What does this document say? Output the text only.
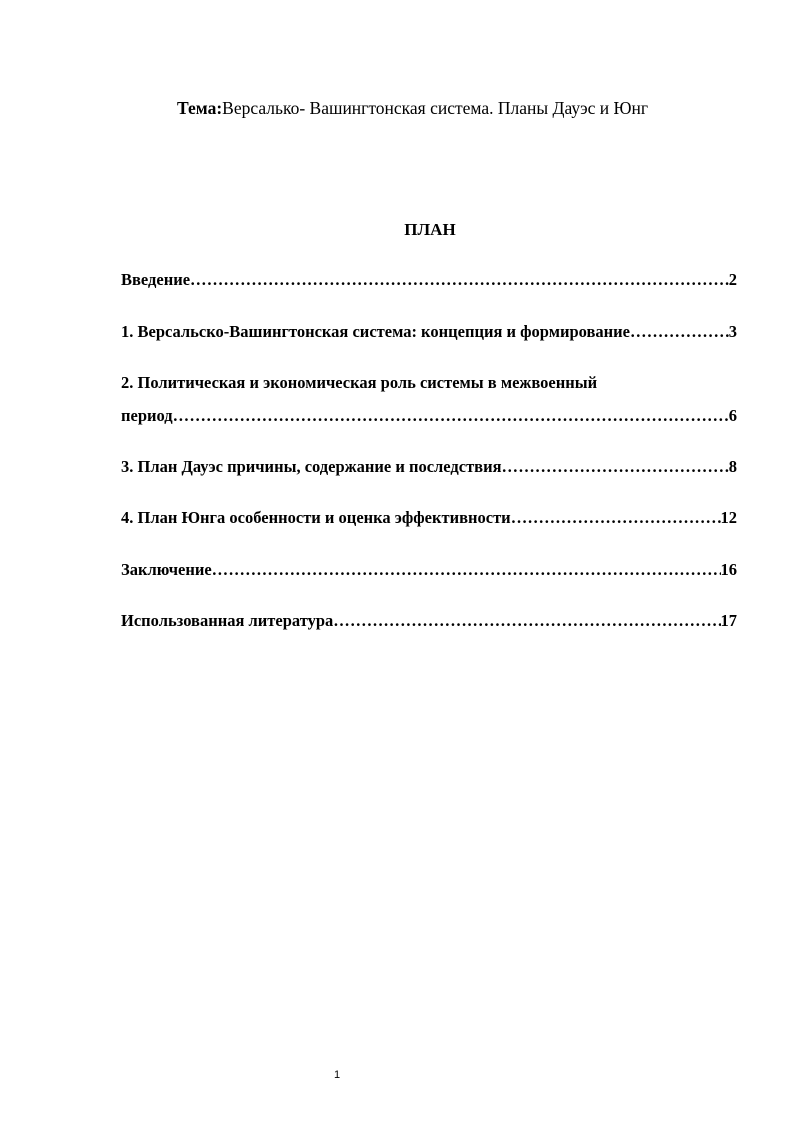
Тема:Версалько- Вашингтонская система. Планы Дауэс и Юнг
ПЛАН
Введение ……………………………………………………………………………………………………………………………………………………………………………………………………	2
1. Версальско-Вашингтонская система: концепция и формирование ……………………………………………………………………………………………………………………………………………………………………………………………………	3
2. Политическая и экономическая роль системы в межвоенный
период ……………………………………………………………………………………………………………………………………………………………………………………………………	6
3. План Дауэс причины, содержание и последствия ……………………………………………………………………………………………………………………………………………………………………………………………………	8
4. План Юнга особенности и оценка эффективности ……………………………………………………………………………………………………………………………………………………………………………………………………	12
Заключение ……………………………………………………………………………………………………………………………………………………………………………………………………	16
Использованная литература ……………………………………………………………………………………………………………………………………………………………………………………………………	17
1
